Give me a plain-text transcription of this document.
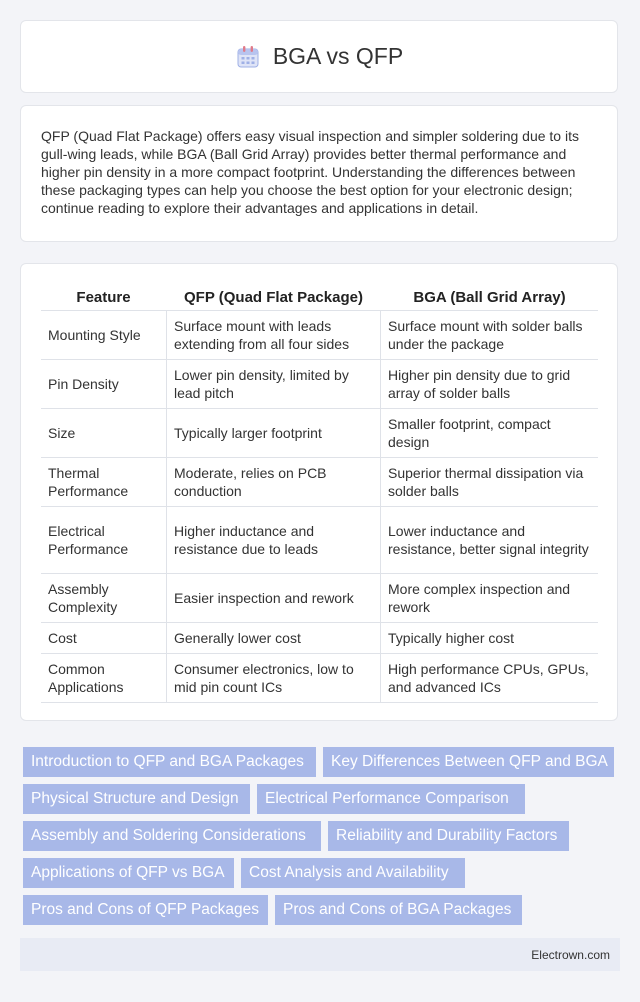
BGA vs QFP

QFP (Quad Flat Package) offers easy visual inspection and simpler soldering due to its gull-wing leads, while BGA (Ball Grid Array) provides better thermal performance and higher pin density in a more compact footprint. Understanding the differences between these packaging types can help you choose the best option for your electronic design; continue reading to explore their advantages and applications in detail.

Feature	QFP (Quad Flat Package)	BGA (Ball Grid Array)
Mounting Style	Surface mount with leads extending from all four sides	Surface mount with solder balls under the package
Pin Density	Lower pin density, limited by lead pitch	Higher pin density due to grid array of solder balls
Size	Typically larger footprint	Smaller footprint, compact design
Thermal Performance	Moderate, relies on PCB conduction	Superior thermal dissipation via solder balls
Electrical Performance	Higher inductance and resistance due to leads	Lower inductance and resistance, better signal integrity
Assembly Complexity	Easier inspection and rework	More complex inspection and rework
Cost	Generally lower cost	Typically higher cost
Common Applications	Consumer electronics, low to mid pin count ICs	High performance CPUs, GPUs, and advanced ICs
Introduction to QFP and BGA Packages	Key Differences Between QFP and BGA
Physical Structure and Design	Electrical Performance Comparison
Assembly and Soldering Considerations	Reliability and Durability Factors
Applications of QFP vs BGA	Cost Analysis and Availability
Pros and Cons of QFP Packages	Pros and Cons of BGA Packages
Electrown.com
